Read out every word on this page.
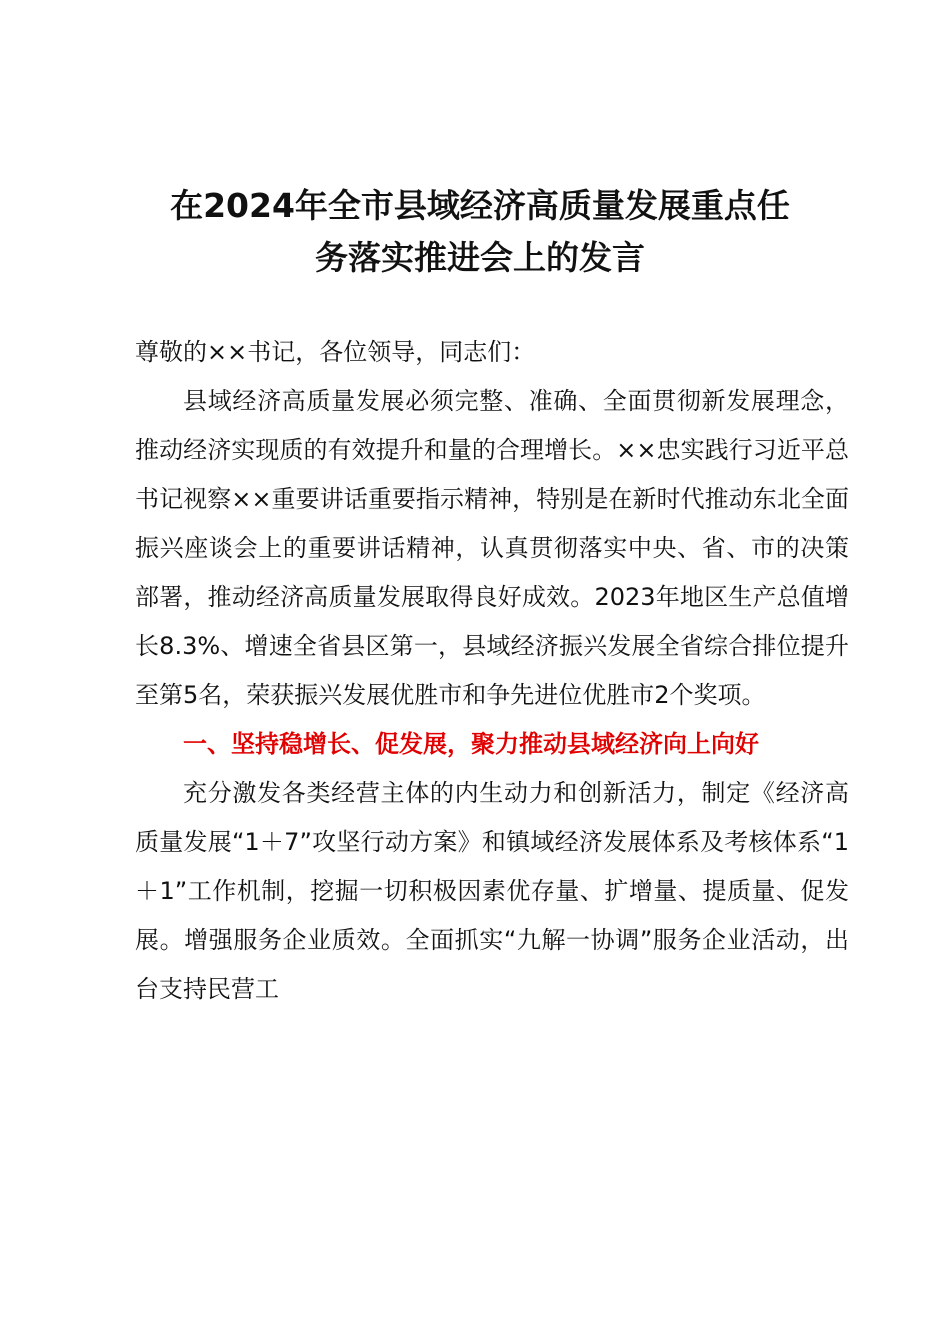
在2024年全市县域经济高质量发展重点任
务落实推进会上的发言

尊敬的××书记，各位领导，同志们：

县域经济高质量发展必须完整、准确、全面贯彻新发展理念，推动经济实现质的有效提升和量的合理增长。××忠实践行习近平总书记视察××重要讲话重要指示精神，特别是在新时代推动东北全面振兴座谈会上的重要讲话精神，认真贯彻落实中央、省、市的决策部署，推动经济高质量发展取得良好成效。2023年地区生产总值增长8.3%、增速全省县区第一，县域经济振兴发展全省综合排位提升至第5名，荣获振兴发展优胜市和争先进位优胜市2个奖项。

一、坚持稳增长、促发展，聚力推动县域经济向上向好

充分激发各类经营主体的内生动力和创新活力，制定《经济高质量发展“1＋7”攻坚行动方案》和镇域经济发展体系及考核体系“1＋1”工作机制，挖掘一切积极因素优存量、扩增量、提质量、促发展。增强服务企业质效。全面抓实“九解一协调”服务企业活动，出台支持民营工
